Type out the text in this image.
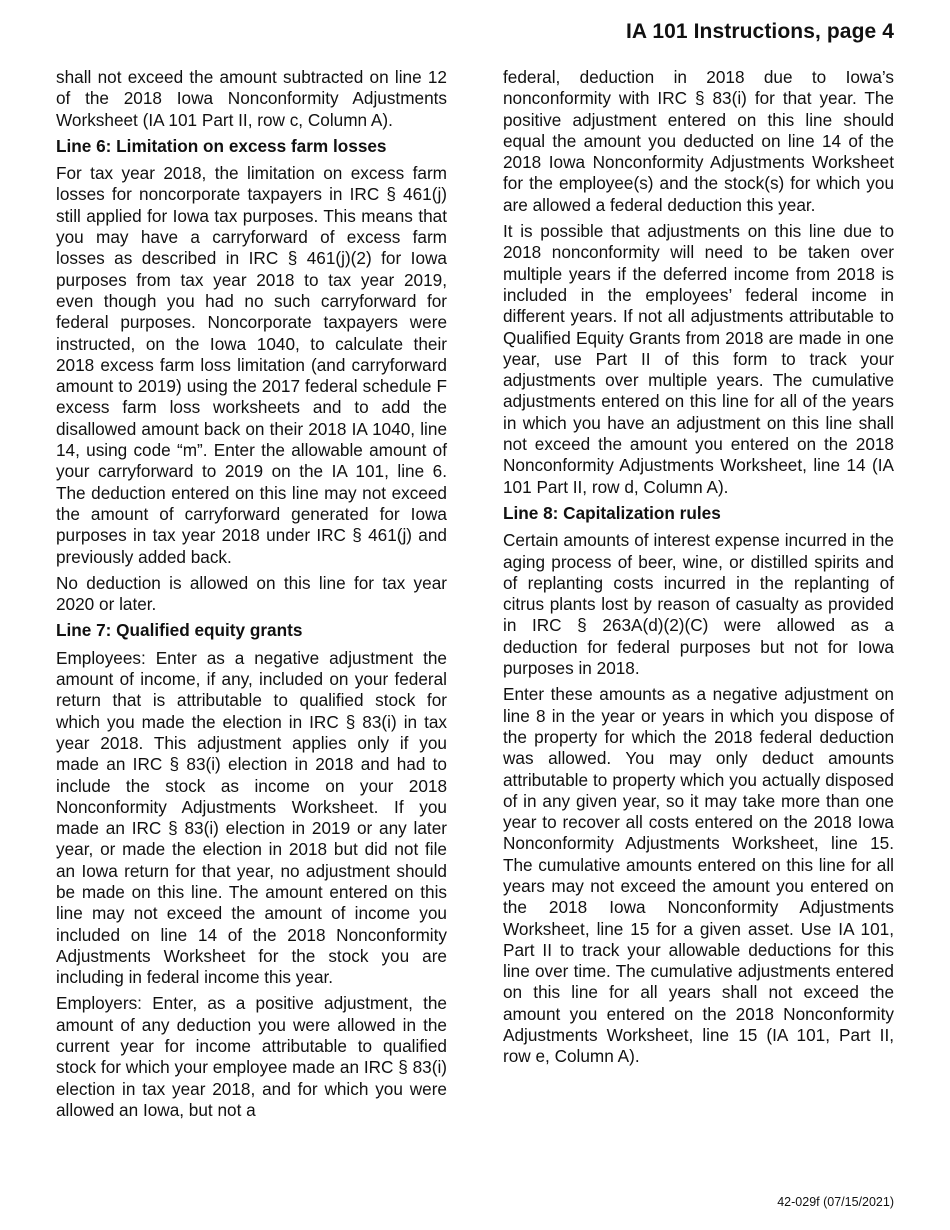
IA 101 Instructions, page 4

shall not exceed the amount subtracted on line 12 of the 2018 Iowa Nonconformity Adjustments Worksheet (IA 101 Part II, row c, Column A).

Line 6: Limitation on excess farm losses

For tax year 2018, the limitation on excess farm losses for noncorporate taxpayers in IRC § 461(j) still applied for Iowa tax purposes. This means that you may have a carryforward of excess farm losses as described in IRC § 461(j)(2) for Iowa purposes from tax year 2018 to tax year 2019, even though you had no such carryforward for federal purposes. Noncorporate taxpayers were instructed, on the Iowa 1040, to calculate their 2018 excess farm loss limitation (and carryforward amount to 2019) using the 2017 federal schedule F excess farm loss worksheets and to add the disallowed amount back on their 2018 IA 1040, line 14, using code “m”. Enter the allowable amount of your carryforward to 2019 on the IA 101, line 6. The deduction entered on this line may not exceed the amount of carryforward generated for Iowa purposes in tax year 2018 under IRC § 461(j) and previously added back.

No deduction is allowed on this line for tax year 2020 or later.

Line 7: Qualified equity grants

Employees: Enter as a negative adjustment the amount of income, if any, included on your federal return that is attributable to qualified stock for which you made the election in IRC § 83(i) in tax year 2018. This adjustment applies only if you made an IRC § 83(i) election in 2018 and had to include the stock as income on your 2018 Nonconformity Adjustments Worksheet. If you made an IRC § 83(i) election in 2019 or any later year, or made the election in 2018 but did not file an Iowa return for that year, no adjustment should be made on this line. The amount entered on this line may not exceed the amount of income you included on line 14 of the 2018 Nonconformity Adjustments Worksheet for the stock you are including in federal income this year.

Employers: Enter, as a positive adjustment, the amount of any deduction you were allowed in the current year for income attributable to qualified stock for which your employee made an IRC § 83(i) election in tax year 2018, and for which you were allowed an Iowa, but not a

federal, deduction in 2018 due to Iowa’s nonconformity with IRC § 83(i) for that year. The positive adjustment entered on this line should equal the amount you deducted on line 14 of the 2018 Iowa Nonconformity Adjustments Worksheet for the employee(s) and the stock(s) for which you are allowed a federal deduction this year.

It is possible that adjustments on this line due to 2018 nonconformity will need to be taken over multiple years if the deferred income from 2018 is included in the employees’ federal income in different years. If not all adjustments attributable to Qualified Equity Grants from 2018 are made in one year, use Part II of this form to track your adjustments over multiple years. The cumulative adjustments entered on this line for all of the years in which you have an adjustment on this line shall not exceed the amount you entered on the 2018 Nonconformity Adjustments Worksheet, line 14 (IA 101 Part II, row d, Column A).

Line 8: Capitalization rules

Certain amounts of interest expense incurred in the aging process of beer, wine, or distilled spirits and of replanting costs incurred in the replanting of citrus plants lost by reason of casualty as provided in IRC § 263A(d)(2)(C) were allowed as a deduction for federal purposes but not for Iowa purposes in 2018.

Enter these amounts as a negative adjustment on line 8 in the year or years in which you dispose of the property for which the 2018 federal deduction was allowed. You may only deduct amounts attributable to property which you actually disposed of in any given year, so it may take more than one year to recover all costs entered on the 2018 Iowa Nonconformity Adjustments Worksheet, line 15. The cumulative amounts entered on this line for all years may not exceed the amount you entered on the 2018 Iowa Nonconformity Adjustments Worksheet, line 15 for a given asset. Use IA 101, Part II to track your allowable deductions for this line over time. The cumulative adjustments entered on this line for all years shall not exceed the amount you entered on the 2018 Nonconformity Adjustments Worksheet, line 15 (IA 101, Part II, row e, Column A).

42-029f (07/15/2021)
